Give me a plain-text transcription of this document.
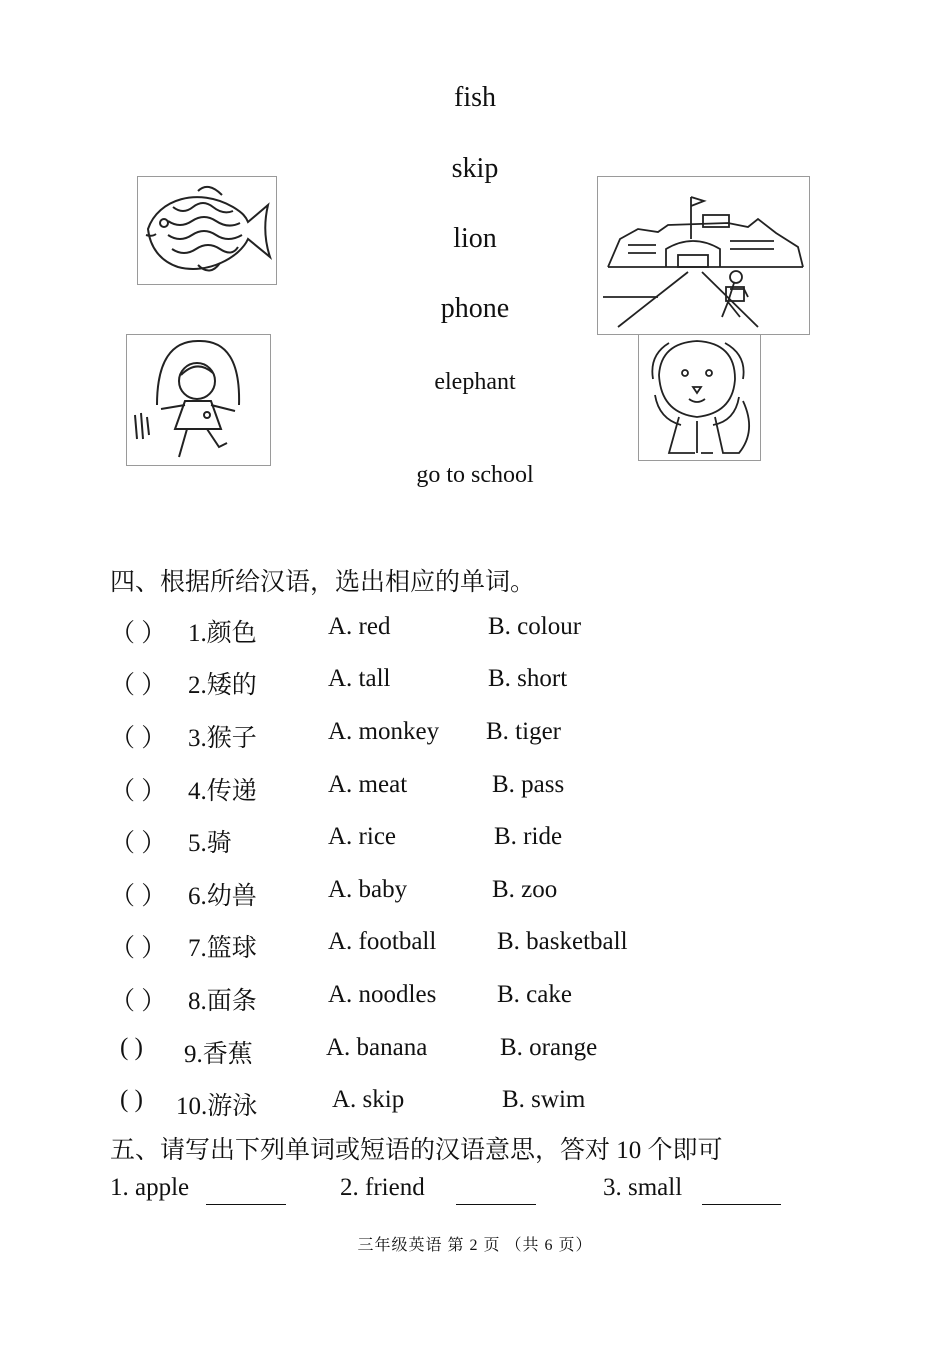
fish
skip
lion
phone
elephant
go to school
四、根据所给汉语，选出相应的单词。
（ ） 1.颜色	A. red	B. colour
（ ） 2.矮的	A. tall	B. short
（ ） 3.猴子	A. monkey B. tiger
（ ） 4.传递	A. meat	B. pass
（ ） 5.骑	A. rice	B. ride
（ ） 6.幼兽	A. baby	B. zoo
（ ） 7.篮球	A. football B. basketball
（ ） 8.面条	A. noodles B. cake
( ) 9.香蕉	A. banana	B. orange
( ) 10.游泳	A. skip	B. swim
五、请写出下列单词或短语的汉语意思，答对 10 个即可
1. apple	2. friend	3. small
三年级英语 第 2 页 （共 6 页）
